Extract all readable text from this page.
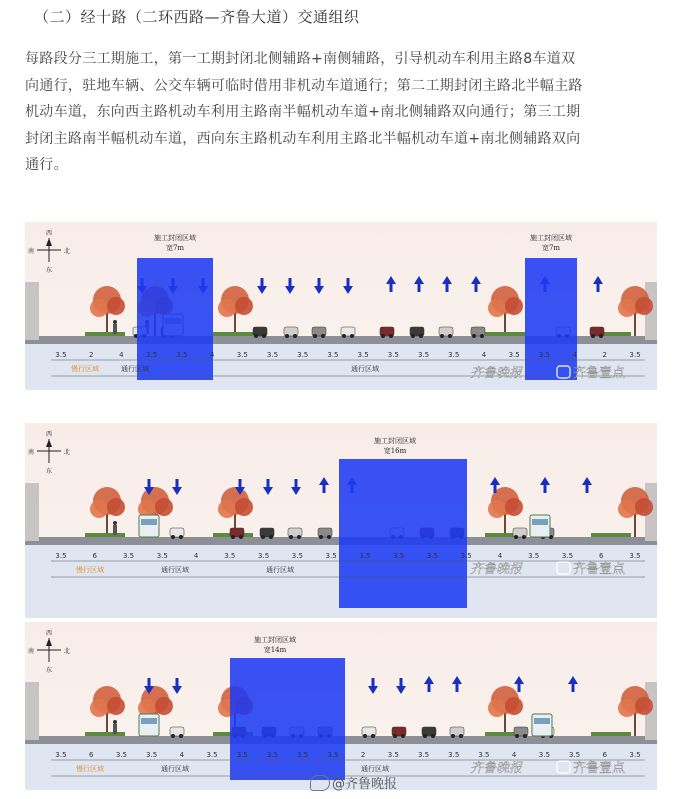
（二）经十路（二环西路—齐鲁大道）交通组织
每路段分三工期施工，第一工期封闭北侧辅路+南侧辅路，引导机动车利用主路8车道双
向通行，驻地车辆、公交车辆可临时借用非机动车道通行；第二工期封闭主路北半幅主路
机动车道，东向西主路机动车利用主路南半幅机动车道+南北侧辅路双向通行；第三工期
封闭主路南半幅机动车道，西向东主路机动车利用主路北半幅机动车道+南北侧辅路双向
通行。
西
东
南	北
施工封闭区域
宽7m
施工封闭区域
宽7m
3.5	2	4	3.5	3.5	4	3.5	3.5	3.5	3.5	3.5	3.5	3.5	3.5	4	3.5	3.5	4	2	3.5
慢行区域	通行区域	通行区域	齐鲁晚报	齐鲁壹点
西
东
南	北
施工封闭区域
宽16m
3.5	6	3.5	3.5	4	3.5	3.5	3.5	3.5	3.5	3.5	3.5	3.5	4	3.5	3.5	6	3.5
慢行区域	通行区域	通行区域	齐鲁晚报	齐鲁壹点
西
东
南	北
施工封闭区域
宽14m
3.5	6	3.5	3.5	4	3.5	3.5	3.5	3.5	3.5	2	3.5	3.5	3.5	3.5	4	3.5	3.5	6	3.5
慢行区域	通行区域	通行区域	齐鲁晚报	齐鲁壹点
@齐鲁晚报
